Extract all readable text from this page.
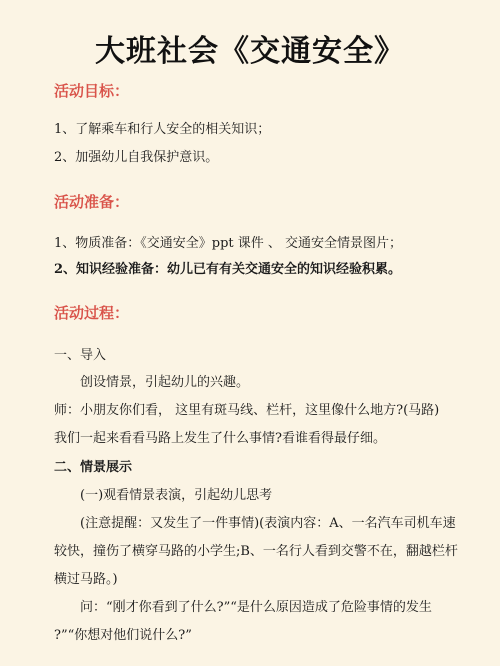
大班社会《交通安全》
活动目标：
1、了解乘车和行人安全的相关知识；
2、加强幼儿自我保护意识。
活动准备：
1、物质准备：《交通安全》ppt 课件 、 交通安全情景图片；
2、知识经验准备：幼儿已有有关交通安全的知识经验积累。
活动过程：
一、导入
创设情景，引起幼儿的兴趣。
师：小朋友你们看， 这里有斑马线、栏杆，这里像什么地方?(马路)
我们一起来看看马路上发生了什么事情?看谁看得最仔细。
二、情景展示
(一)观看情景表演，引起幼儿思考
(注意提醒：又发生了一件事情)(表演内容：A、一名汽车司机车速
较快，撞伤了横穿马路的小学生;B、一名行人看到交警不在，翻越栏杆
横过马路。)
问：“刚才你看到了什么?”“是什么原因造成了危险事情的发生
?”“你想对他们说什么?”
